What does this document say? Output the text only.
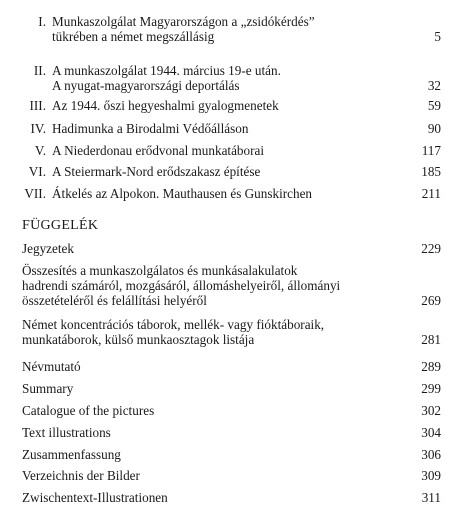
I. Munkaszolgálat Magyarországon a „zsidókérdés”
tükrében a német megszállásig	5
II. A munkaszolgálat 1944. március 19-e után.
A nyugat-magyarországi deportálás	32
III. Az 1944. őszi hegyeshalmi gyalogmenetek	59
IV. Hadimunka a Birodalmi Védőálláson	90
V. A Niederdonau erődvonal munkatáborai	117
VI. A Steiermark-Nord erődszakasz építése	185
VII. Átkelés az Alpokon. Mauthausen és Gunskirchen	211
FÜGGELÉK
Jegyzetek	229
Összesítés a munkaszolgálatos és munkásalakulatok
hadrendi számáról, mozgásáról, állomáshelyeiről, állományi
összetételéről és felállítási helyéről	269
Német koncentrációs táborok, mellék- vagy fióktáboraik,
munkatáborok, külső munkaosztagok listája	281
Névmutató	289
Summary	299
Catalogue of the pictures	302
Text illustrations	304
Zusammenfassung	306
Verzeichnis der Bilder	309
Zwischentext-Illustrationen	311
